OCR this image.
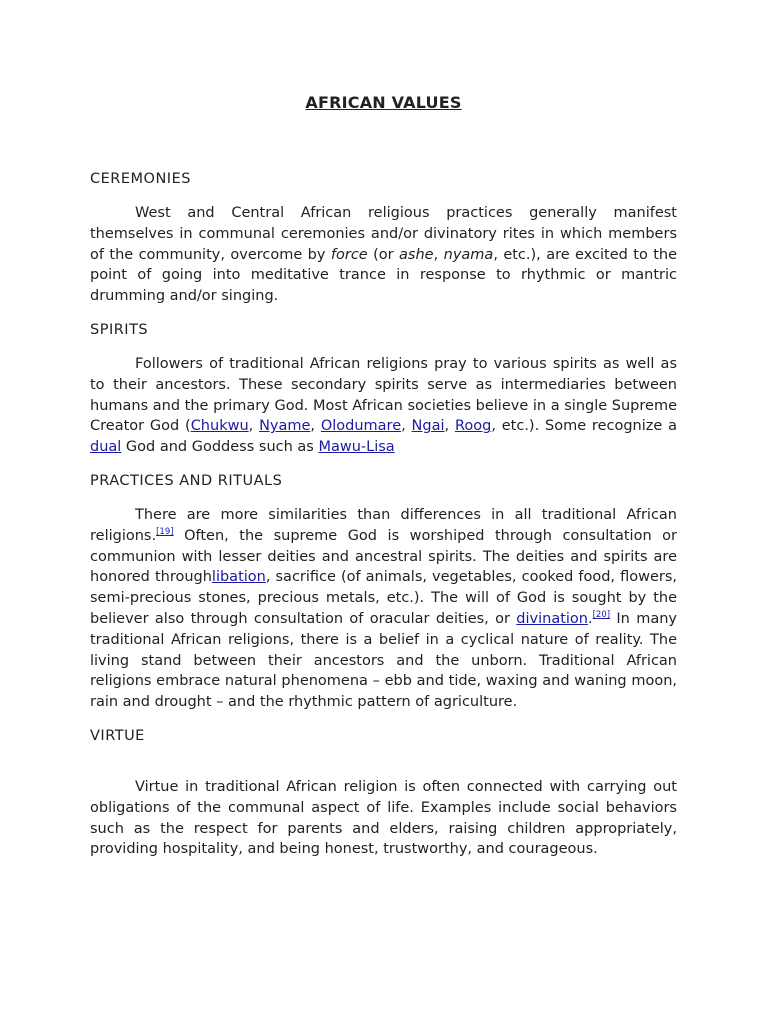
AFRICAN VALUES
CEREMONIES

West and Central African religious practices generally manifest themselves in communal ceremonies and/or divinatory rites in which members of the community, overcome by force (or ashe, nyama, etc.), are excited to the point of going into meditative trance in response to rhythmic or mantric drumming and/or singing.

SPIRITS

Followers of traditional African religions pray to various spirits as well as to their ancestors. These secondary spirits serve as intermediaries between humans and the primary God. Most African societies believe in a single Supreme Creator God (Chukwu, Nyame, Olodumare, Ngai, Roog, etc.). Some recognize a dual God and Goddess such as Mawu-Lisa

PRACTICES AND RITUALS

There are more similarities than differences in all traditional African religions.[19] Often, the supreme God is worshiped through consultation or communion with lesser deities and ancestral spirits. The deities and spirits are honored throughlibation, sacrifice (of animals, vegetables, cooked food, flowers, semi-precious stones, precious metals, etc.). The will of God is sought by the believer also through consultation of oracular deities, or divination.[20] In many traditional African religions, there is a belief in a cyclical nature of reality. The living stand between their ancestors and the unborn. Traditional African religions embrace natural phenomena – ebb and tide, waxing and waning moon, rain and drought – and the rhythmic pattern of agriculture.

VIRTUE

Virtue in traditional African religion is often connected with carrying out obligations of the communal aspect of life. Examples include social behaviors such as the respect for parents and elders, raising children appropriately, providing hospitality, and being honest, trustworthy, and courageous.
